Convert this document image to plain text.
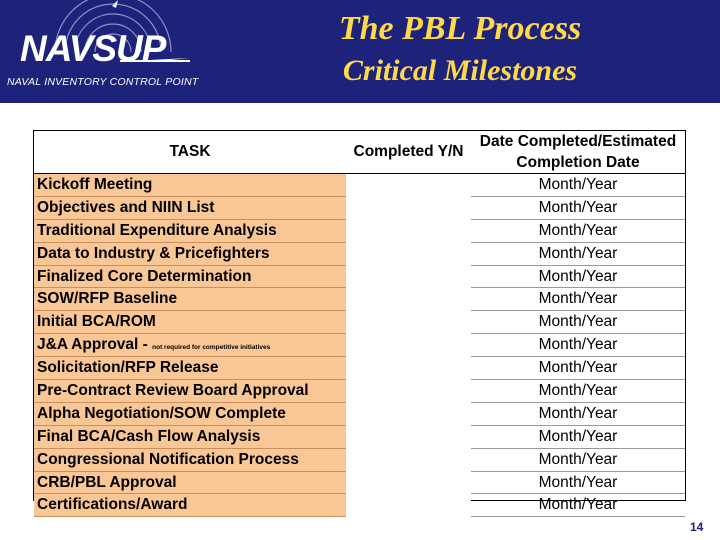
NAVSUP
NAVAL INVENTORY CONTROL POINT
The PBL Process
Critical Milestones
TASK	Completed Y/N	Date Completed/Estimated
Completion Date
Kickoff Meeting		Month/Year
Objectives and NIIN List		Month/Year
Traditional Expenditure Analysis		Month/Year
Data to Industry & Pricefighters		Month/Year
Finalized Core Determination		Month/Year
SOW/RFP Baseline		Month/Year
Initial BCA/ROM		Month/Year
J&A Approval - not required for competitive initiatives		Month/Year
Solicitation/RFP Release		Month/Year
Pre-Contract Review Board Approval		Month/Year
Alpha Negotiation/SOW Complete		Month/Year
Final BCA/Cash Flow Analysis		Month/Year
Congressional Notification Process		Month/Year
CRB/PBL Approval		Month/Year
Certifications/Award		Month/Year
14
